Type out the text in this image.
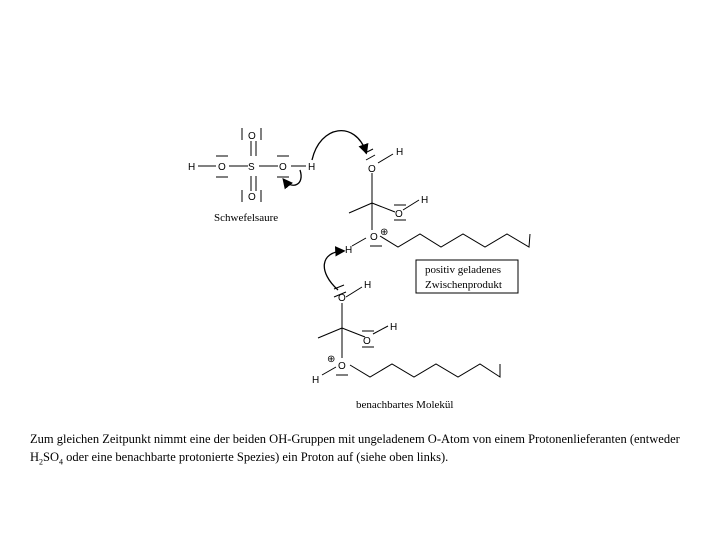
H O S O H
O
O
Schwefelsaure
O
H
O
H
O ⊕
H
positiv geladenes
Zwischenprodukt
O
H
O
H
O
⊕
H
benachbartes Molekül
Zum gleichen Zeitpunkt nimmt eine der beiden OH-Gruppen mit ungeladenem O-Atom von einem Protonenlieferanten (entweder $H_2SO_4$ oder eine benachbarte protonierte Spezies) ein Proton auf (siehe oben links).
